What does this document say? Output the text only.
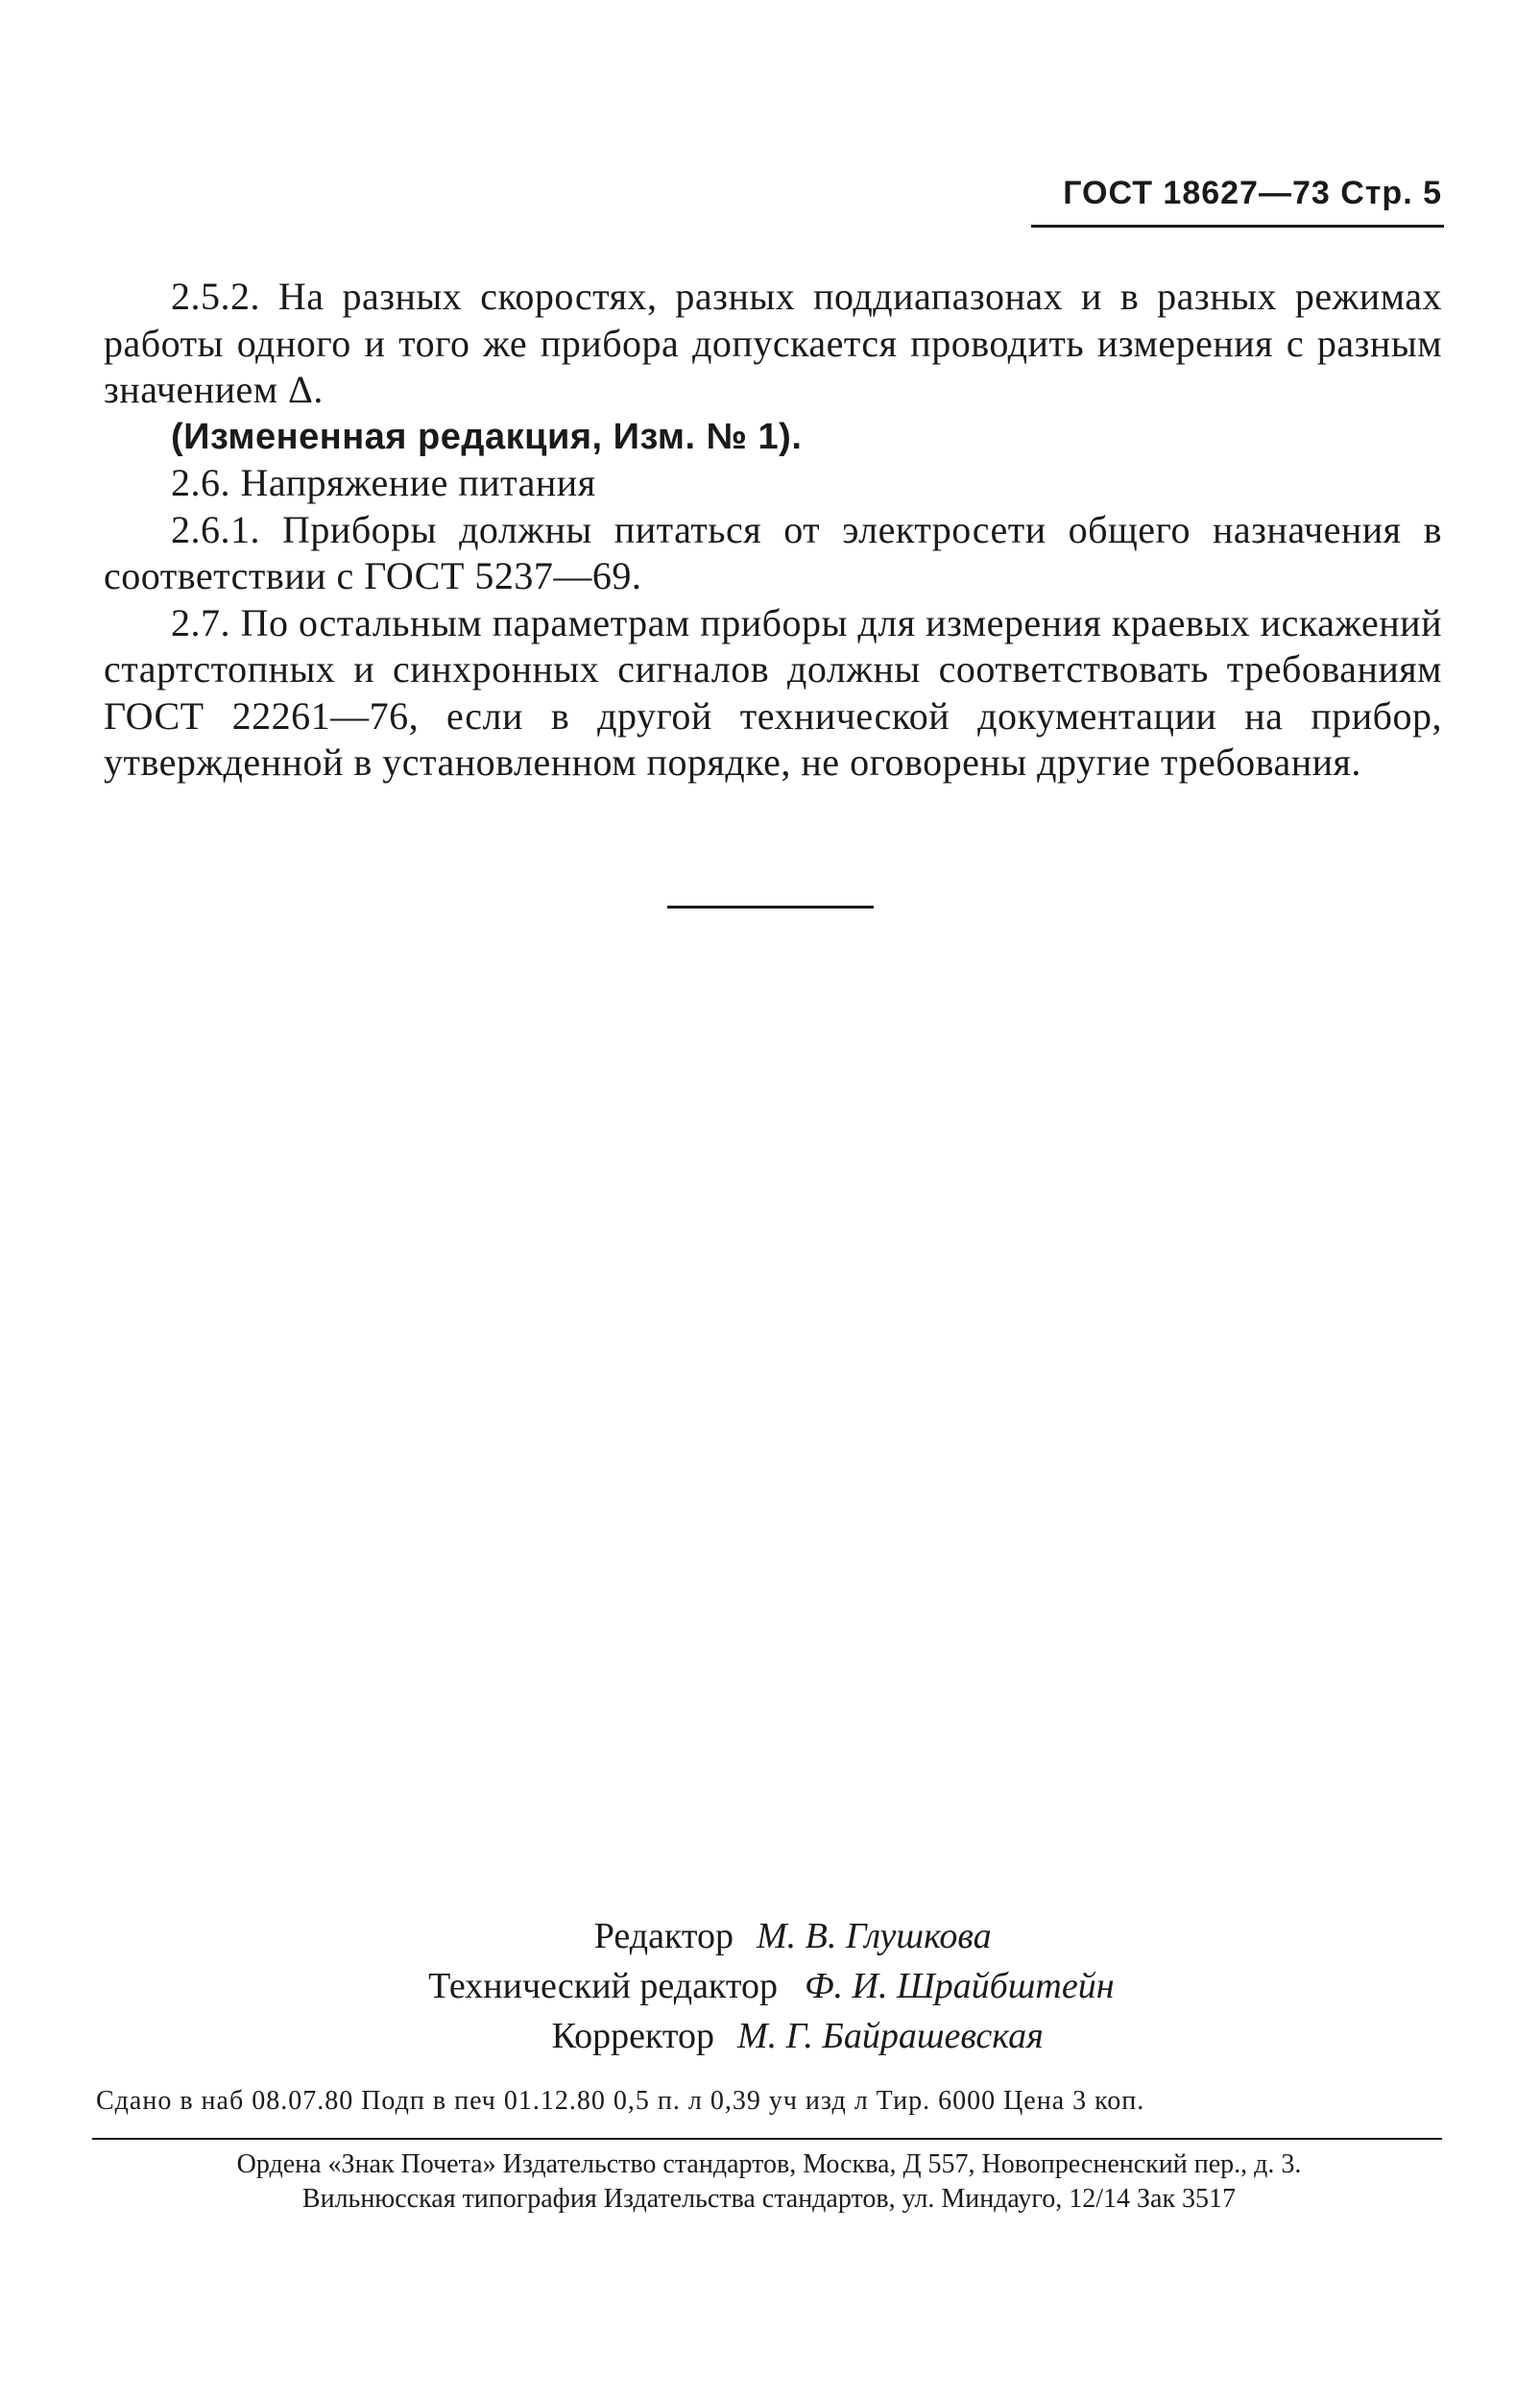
ГОСТ 18627—73 Стр. 5

2.5.2. На разных скоростях, разных поддиапазонах и в разных режимах работы одного и того же прибора допускается проводить измерения с разным значением Δ.

(Измененная редакция, Изм. № 1).

2.6. Напряжение питания

2.6.1. Приборы должны питаться от электросети общего назначения в соответствии с ГОСТ 5237—69.

2.7. По остальным параметрам приборы для измерения краевых искажений стартстопных и синхронных сигналов должны соответствовать требованиям ГОСТ 22261—76, если в другой технической документации на прибор, утвержденной в установленном порядке, не оговорены другие требования.

Редактор М. В. Глушкова
Технический редактор Ф. И. Шрайбштейн
Корректор М. Г. Байрашевская
Сдано в наб 08.07.80 Подп в печ 01.12.80 0,5 п. л 0,39 уч изд л Тир. 6000 Цена 3 коп.
Ордена «Знак Почета» Издательство стандартов, Москва, Д 557, Новопресненский пер., д. 3.
Вильнюсская типография Издательства стандартов, ул. Миндауго, 12/14 Зак 3517
